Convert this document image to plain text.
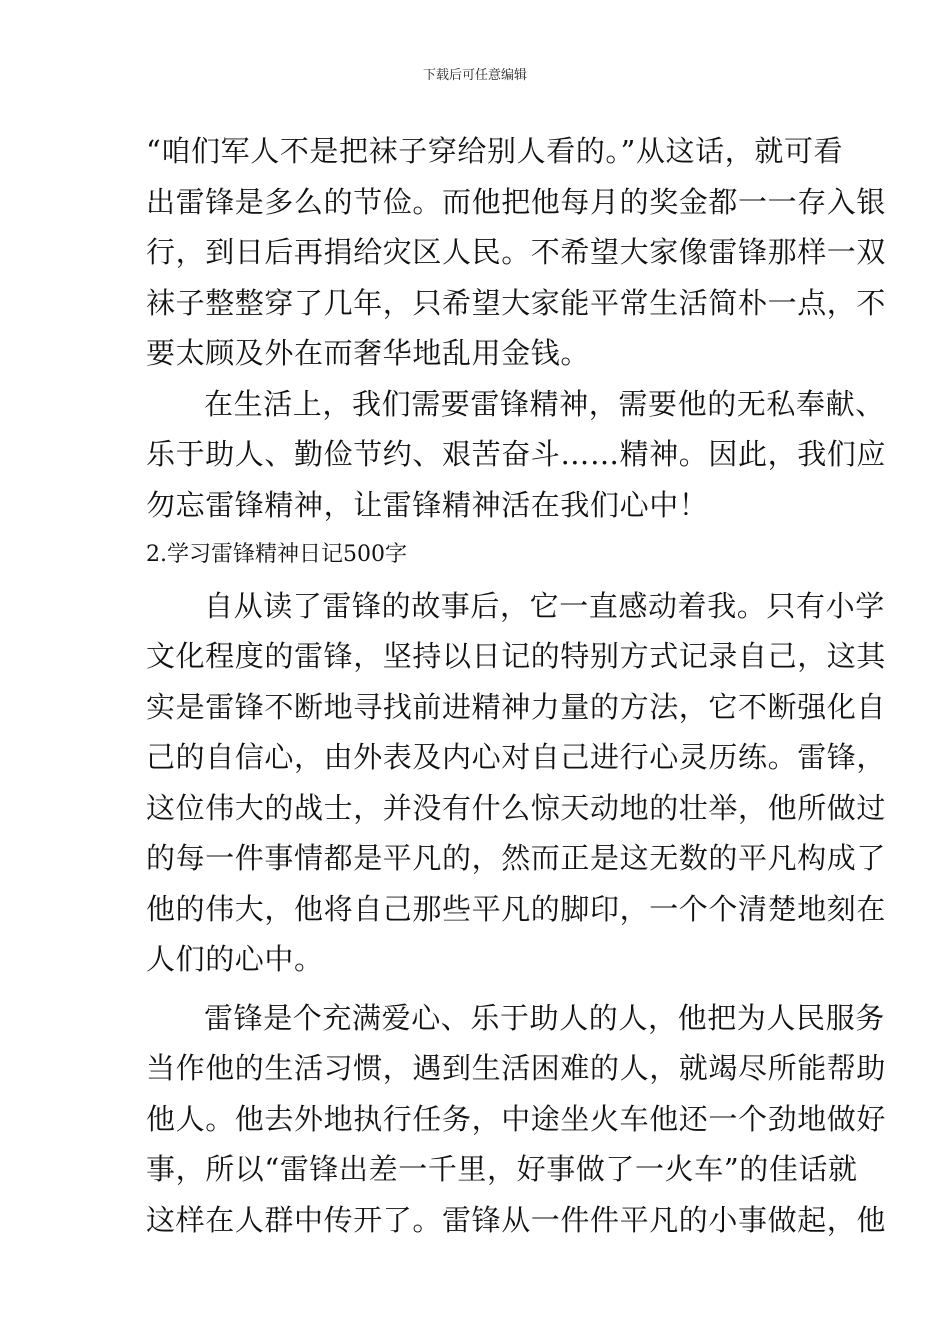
下载后可任意编辑
“咱们军人不是把袜子穿给别人看的。”从这话，就可看
出雷锋是多么的节俭。而他把他每月的奖金都一一存入银
行，到日后再捐给灾区人民。不希望大家像雷锋那样一双
袜子整整穿了几年，只希望大家能平常生活简朴一点，不
要太顾及外在而奢华地乱用金钱。
在生活上，我们需要雷锋精神，需要他的无私奉献、
乐于助人、勤俭节约、艰苦奋斗……精神。因此，我们应
勿忘雷锋精神，让雷锋精神活在我们心中！
2.学习雷锋精神日记500字
自从读了雷锋的故事后，它一直感动着我。只有小学
文化程度的雷锋，坚持以日记的特别方式记录自己，这其
实是雷锋不断地寻找前进精神力量的方法，它不断强化自
己的自信心，由外表及内心对自己进行心灵历练。雷锋，
这位伟大的战士，并没有什么惊天动地的壮举，他所做过
的每一件事情都是平凡的，然而正是这无数的平凡构成了
他的伟大，他将自己那些平凡的脚印，一个个清楚地刻在
人们的心中。
雷锋是个充满爱心、乐于助人的人，他把为人民服务
当作他的生活习惯，遇到生活困难的人，就竭尽所能帮助
他人。他去外地执行任务，中途坐火车他还一个劲地做好
事，所以“雷锋出差一千里，好事做了一火车”的佳话就
这样在人群中传开了。雷锋从一件件平凡的小事做起，他
